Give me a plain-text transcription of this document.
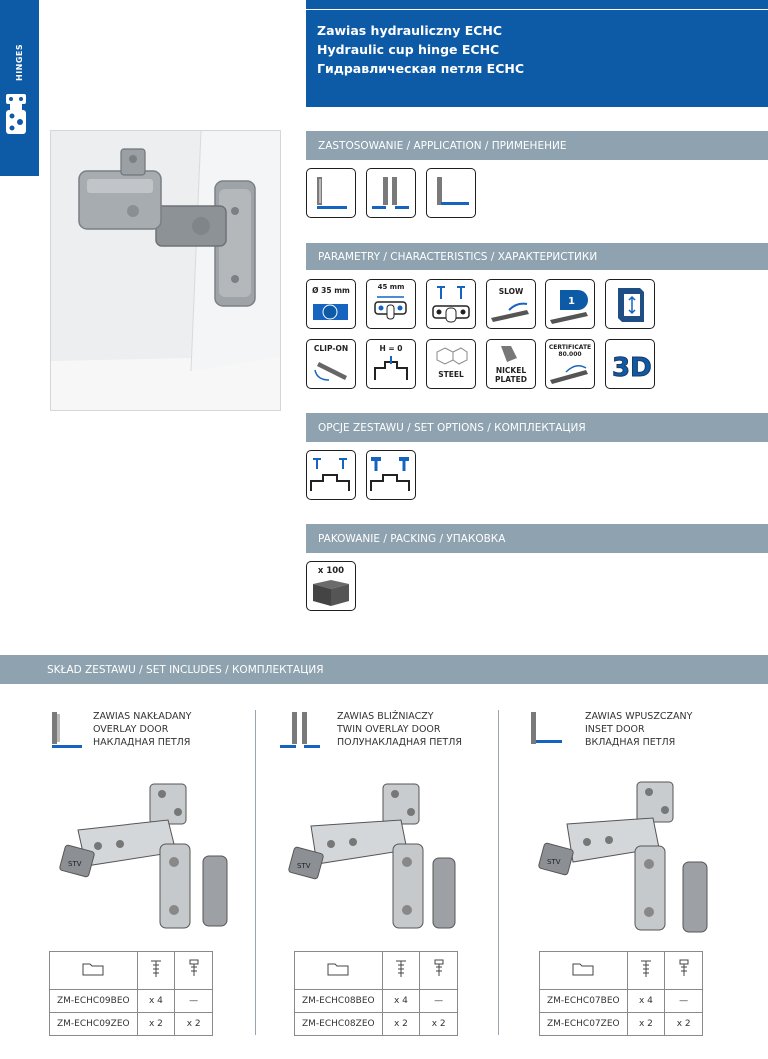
HINGES
Zawias hydrauliczny ECHC
Hydraulic cup hinge ECHC
Гидравлическая петля ECHC
ZASTOSOWANIE / APPLICATION / ПРИМЕНЕНИЕ
PARAMETRY / CHARACTERISTICS / ХАРАКТЕРИСТИКИ
Ø 35 mm	45 mm	SLOW
1
CLIP-ON	H = 0
STEEL	NICKEL
PLATED
CERTIFICATE
80.000	3D
OPCJE ZESTAWU / SET OPTIONS / КОМПЛЕКТАЦИЯ
PAKOWANIE / PACKING / УПАКОВКА
x 100
SKŁAD ZESTAWU / SET INCLUDES / КОМПЛЕКТАЦИЯ
ZAWIAS NAKŁADANY
OVERLAY DOOR
НАКЛАДНАЯ ПЕТЛЯ
ZAWIAS BLIŹNIACZY
TWIN OVERLAY DOOR
ПОЛУНАКЛАДНАЯ ПЕТЛЯ
ZAWIAS WPUSZCZANY
INSET DOOR
ВКЛАДНАЯ ПЕТЛЯ
STV	STV	STV

ZM-ECHC09BEO	x 4	—
ZM-ECHC09ZEO	x 2	x 2

ZM-ECHC08BEO	x 4	—
ZM-ECHC08ZEO	x 2	x 2

ZM-ECHC07BEO	x 4	—
ZM-ECHC07ZEO	x 2	x 2
